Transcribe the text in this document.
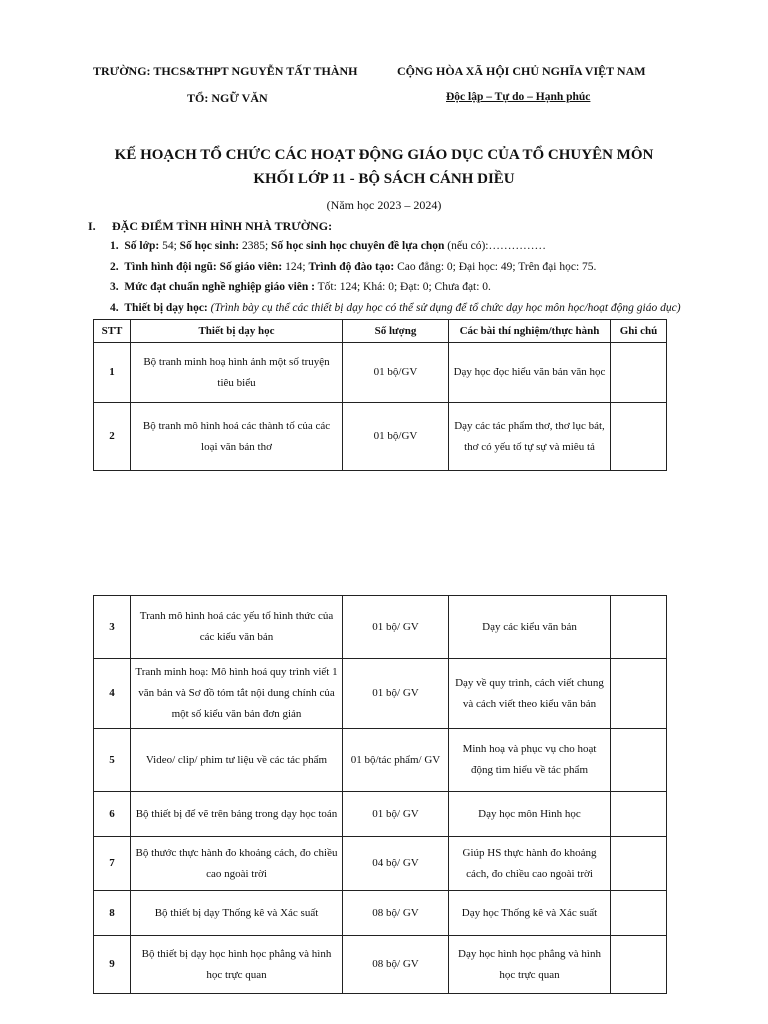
TRƯỜNG: THCS&THPT NGUYỄN TẤT THÀNH
TỔ: NGỮ VĂN
CỘNG HÒA XÃ HỘI CHỦ NGHĨA VIỆT NAM
Độc lập – Tự do – Hạnh phúc
KẾ HOẠCH TỔ CHỨC CÁC HOẠT ĐỘNG GIÁO DỤC CỦA TỔ CHUYÊN MÔN
KHỐI LỚP 11 - BỘ SÁCH CÁNH DIỀU
(Năm học 2023 – 2024)
I. ĐẶC ĐIỂM TÌNH HÌNH NHÀ TRƯỜNG:
1. Số lớp: 54; Số học sinh: 2385; Số học sinh học chuyên đề lựa chọn (nếu có):……………
2. Tình hình đội ngũ: Số giáo viên: 124; Trình độ đào tạo: Cao đẳng: 0; Đại học: 49; Trên đại học: 75.
3. Mức đạt chuẩn nghề nghiệp giáo viên : Tốt: 124; Khá: 0; Đạt: 0; Chưa đạt: 0.
4. Thiết bị dạy học: (Trình bày cụ thể các thiết bị dạy học có thể sử dụng để tổ chức dạy học môn học/hoạt động giáo dục)
STT	Thiết bị dạy học	Số lượng	Các bài thí nghiệm/thực hành	Ghi chú
1	Bộ tranh minh hoạ hình ảnh một số truyện tiêu biểu	01 bộ/GV	Dạy học đọc hiểu văn bản văn học	
2	Bộ tranh mô hình hoá các thành tố của các loại văn bản thơ	01 bộ/GV	Dạy các tác phẩm thơ, thơ lục bát, thơ có yếu tố tự sự và miêu tả	
3	Tranh mô hình hoá các yếu tố hình thức của các kiểu văn bản	01 bộ/ GV	Dạy các kiểu văn bản	
4	Tranh minh hoạ: Mô hình hoá quy trình viết 1 văn bản và Sơ đồ tóm tắt nội dung chính của một số kiểu văn bản đơn giản	01 bộ/ GV	Dạy về quy trình, cách viết chung và cách viết theo kiểu văn bản	
5	Video/ clip/ phim tư liệu về các tác phẩm	01 bộ/tác phẩm/ GV	Minh hoạ và phục vụ cho hoạt động tìm hiểu về tác phẩm	
6	Bộ thiết bị để vẽ trên bảng trong dạy học toán	01 bộ/ GV	Dạy học môn Hình học	
7	Bộ thước thực hành đo khoảng cách, đo chiều cao ngoài trời	04 bộ/ GV	Giúp HS thực hành đo khoảng cách, đo chiều cao ngoài trời	
8	Bộ thiết bị dạy Thống kê và Xác suất	08 bộ/ GV	Dạy học Thống kê và Xác suất	
9	Bộ thiết bị dạy học hình học phẳng và hình học trực quan	08 bộ/ GV	Dạy học hình học phẳng và hình học trực quan	
